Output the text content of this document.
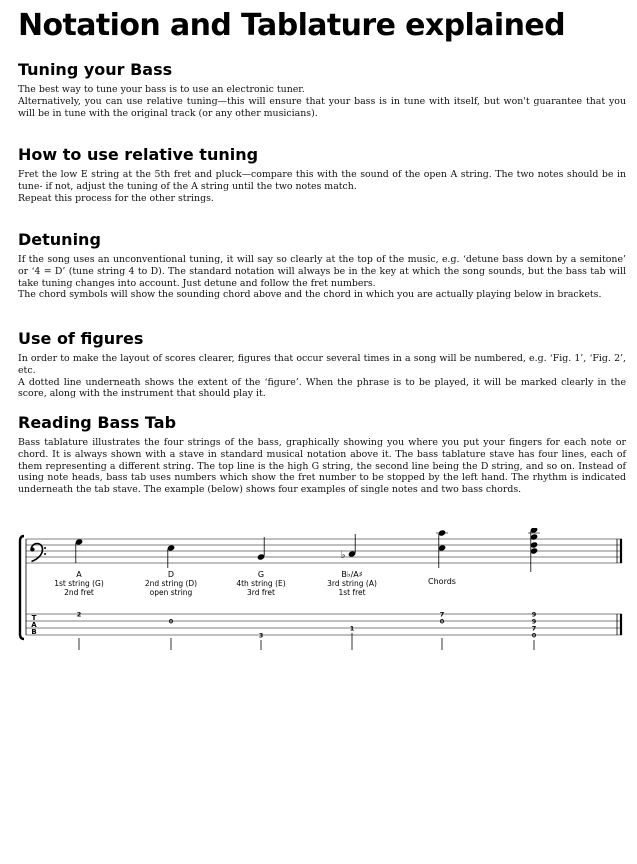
Notation and Tablature explained
Tuning your Bass

The best way to tune your bass is to use an electronic tuner.

Alternatively, you can use relative tuning—this will ensure that your bass is in tune with itself, but won't guarantee that you will be in tune with the original track (or any other musicians).

How to use relative tuning

Fret the low E string at the 5th fret and pluck—compare this with the sound of the open A string. The two notes should be in tune- if not, adjust the tuning of the A string until the two notes match.

Repeat this process for the other strings.

Detuning

If the song uses an unconventional tuning, it will say so clearly at the top of the music, e.g. ‘detune bass down by a semitone’ or ‘4 = D’ (tune string 4 to D). The standard notation will always be in the key at which the song sounds, but the bass tab will take tuning changes into account. Just detune and follow the fret numbers.

The chord symbols will show the sounding chord above and the chord in which you are actually playing below in brackets.

Use of figures

In order to make the layout of scores clearer, figures that occur several times in a song will be numbered, e.g. ‘Fig. 1’, ‘Fig. 2’, etc.

A dotted line underneath shows the extent of the ‘figure’. When the phrase is to be played, it will be marked clearly in the score, along with the instrument that should play it.

Reading Bass Tab

Bass tablature illustrates the four strings of the bass, graphically showing you where you put your fingers for each note or chord. It is always shown with a stave in standard musical notation above it. The bass tablature stave has four lines, each of them representing a different string. The top line is the high G string, the second line being the D string, and so on. Instead of using note heads, bass tab uses numbers which show the fret number to be stopped by the left hand. The rhythm is indicated underneath the tab stave. The example (below) shows four examples of single notes and two bass chords.

T
A
B
A
1st string (G)
2nd fret
2
D
2nd string (D)
open string
0
G
4th string (E)
3rd fret
3
♭
B♭/A♯
3rd string (A)
1st fret
1
Chords
7
0
9
9
7
0
